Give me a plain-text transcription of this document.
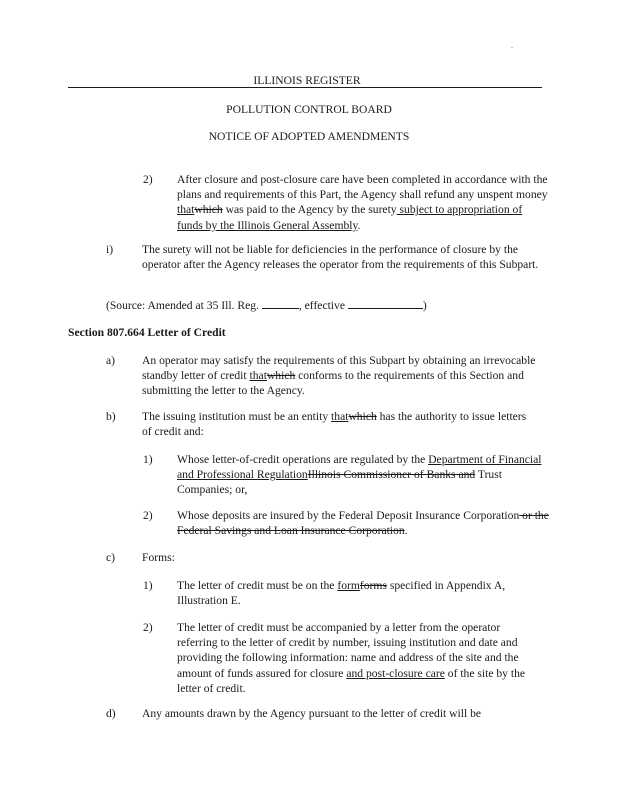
.
ILLINOIS REGISTER
POLLUTION CONTROL BOARD
NOTICE OF ADOPTED AMENDMENTS
2) After closure and post-closure care have been completed in accordance with the plans and requirements of this Part, the Agency shall refund any unspent money thatwhich was paid to the Agency by the surety subject to appropriation of funds by the Illinois General Assembly.
i) The surety will not be liable for deficiencies in the performance of closure by the operator after the Agency releases the operator from the requirements of this Subpart.
(Source: Amended at 35 Ill. Reg.	, effective	)
Section 807.664 Letter of Credit
a) An operator may satisfy the requirements of this Subpart by obtaining an irrevocable standby letter of credit thatwhich conforms to the requirements of this Section and submitting the letter to the Agency.
b) The issuing institution must be an entity thatwhich has the authority to issue letters of credit and:
1) Whose letter-of-credit operations are regulated by the Department of Financial and Professional RegulationIllinois Commissioner of Banks and Trust Companies; or,
2) Whose deposits are insured by the Federal Deposit Insurance Corporation or the Federal Savings and Loan Insurance Corporation.
c) Forms:
1) The letter of credit must be on the formforms specified in Appendix A, Illustration E.
2) The letter of credit must be accompanied by a letter from the operator referring to the letter of credit by number, issuing institution and date and providing the following information: name and address of the site and the amount of funds assured for closure and post-closure care of the site by the letter of credit.
d) Any amounts drawn by the Agency pursuant to the letter of credit will be
